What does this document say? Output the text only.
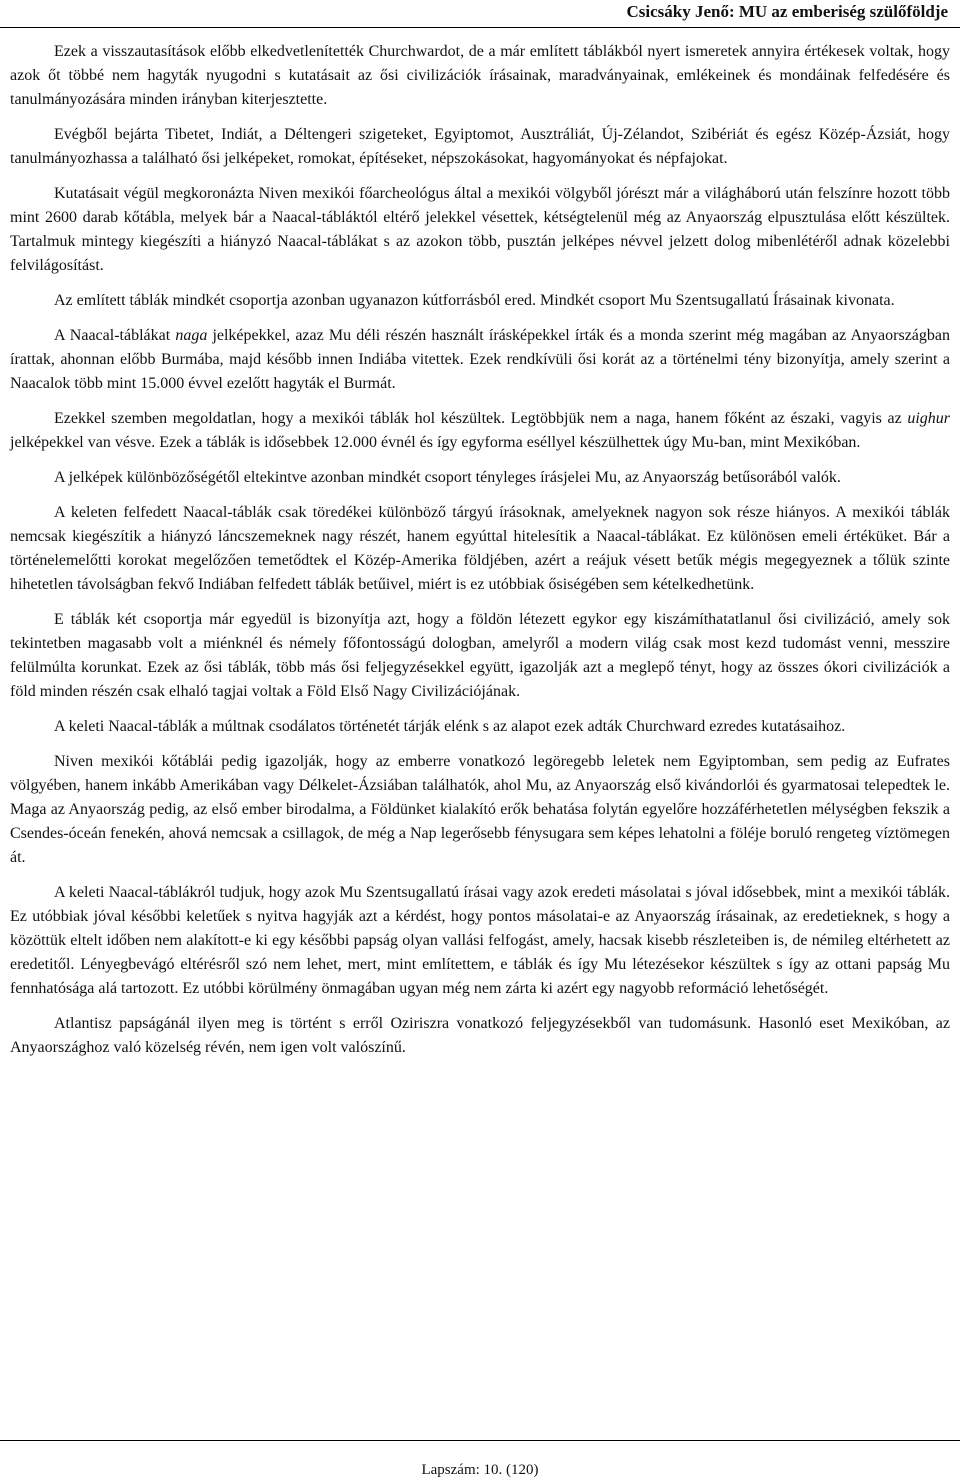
Csicsáky Jenő: MU az emberiség szülőföldje

Ezek a visszautasítások előbb elkedvetlenítették Churchwardot, de a már említett táblákból nyert ismeretek annyira értékesek voltak, hogy azok őt többé nem hagyták nyugodni s kutatásait az ősi civilizációk írásainak, maradványainak, emlékeinek és mondáinak felfedésére és tanulmányozására minden irányban kiterjesztette.

Evégből bejárta Tibetet, Indiát, a Déltengeri szigeteket, Egyiptomot, Ausztráliát, Új-Zélandot, Szibériát és egész Közép-Ázsiát, hogy tanulmányozhassa a található ősi jelképeket, romokat, építéseket, népszokásokat, hagyományokat és népfajokat.

Kutatásait végül megkoronázta Niven mexikói főarcheológus által a mexikói völgyből jórészt már a világháború után felszínre hozott több mint 2600 darab kőtábla, melyek bár a Naacal-tábláktól eltérő jelekkel vésettek, kétségtelenül még az Anyaország elpusztulása előtt készültek. Tartalmuk mintegy kiegészíti a hiányzó Naacal-táblákat s az azokon több, pusztán jelképes névvel jelzett dolog mibenlétéről adnak közelebbi felvilágosítást.

Az említett táblák mindkét csoportja azonban ugyanazon kútforrásból ered. Mindkét csoport Mu Szentsugallatú Írásainak kivonata.

A Naacal-táblákat naga jelképekkel, azaz Mu déli részén használt írásképekkel írták és a monda szerint még magában az Anyaországban írattak, ahonnan előbb Burmába, majd később innen Indiába vitettek. Ezek rendkívüli ősi korát az a történelmi tény bizonyítja, amely szerint a Naacalok több mint 15.000 évvel ezelőtt hagyták el Burmát.

Ezekkel szemben megoldatlan, hogy a mexikói táblák hol készültek. Legtöbbjük nem a naga, hanem főként az északi, vagyis az uighur jelképekkel van vésve. Ezek a táblák is idősebbek 12.000 évnél és így egyforma eséllyel készülhettek úgy Mu-ban, mint Mexikóban.

A jelképek különbözőségétől eltekintve azonban mindkét csoport tényleges írásjelei Mu, az Anyaország betűsorából valók.

A keleten felfedett Naacal-táblák csak töredékei különböző tárgyú írásoknak, amelyeknek nagyon sok része hiányos. A mexikói táblák nemcsak kiegészítik a hiányzó láncszemeknek nagy részét, hanem egyúttal hitelesítik a Naacal-táblákat. Ez különösen emeli értéküket. Bár a történelemelőtti korokat megelőzően temetődtek el Közép-Amerika földjében, azért a reájuk vésett betűk mégis megegyeznek a tőlük szinte hihetetlen távolságban fekvő Indiában felfedett táblák betűivel, miért is ez utóbbiak ősiségében sem kételkedhetünk.

E táblák két csoportja már egyedül is bizonyítja azt, hogy a földön létezett egykor egy kiszámíthatatlanul ősi civilizáció, amely sok tekintetben magasabb volt a miénknél és némely főfontosságú dologban, amelyről a modern világ csak most kezd tudomást venni, messzire felülmúlta korunkat. Ezek az ősi táblák, több más ősi feljegyzésekkel együtt, igazolják azt a meglepő tényt, hogy az összes ókori civilizációk a föld minden részén csak elhaló tagjai voltak a Föld Első Nagy Civilizációjának.

A keleti Naacal-táblák a múltnak csodálatos történetét tárják elénk s az alapot ezek adták Churchward ezredes kutatásaihoz.

Niven mexikói kőtáblái pedig igazolják, hogy az emberre vonatkozó legöregebb leletek nem Egyiptomban, sem pedig az Eufrates völgyében, hanem inkább Amerikában vagy Délkelet-Ázsiában találhatók, ahol Mu, az Anyaország első kivándorlói és gyarmatosai telepedtek le. Maga az Anyaország pedig, az első ember birodalma, a Földünket kialakító erők behatása folytán egyelőre hozzáférhetetlen mélységben fekszik a Csendes-óceán fenekén, ahová nemcsak a csillagok, de még a Nap legerősebb fénysugara sem képes lehatolni a föléje boruló rengeteg víztömegen át.

A keleti Naacal-táblákról tudjuk, hogy azok Mu Szentsugallatú írásai vagy azok eredeti másolatai s jóval idősebbek, mint a mexikói táblák. Ez utóbbiak jóval későbbi keletűek s nyitva hagyják azt a kérdést, hogy pontos másolatai-e az Anyaország írásainak, az eredetieknek, s hogy a közöttük eltelt időben nem alakított-e ki egy későbbi papság olyan vallási felfogást, amely, hacsak kisebb részleteiben is, de némileg eltérhetett az eredetitől. Lényegbevágó eltérésről szó nem lehet, mert, mint említettem, e táblák és így Mu létezésekor készültek s így az ottani papság Mu fennhatósága alá tartozott. Ez utóbbi körülmény önmagában ugyan még nem zárta ki azért egy nagyobb reformáció lehetőségét.

Atlantisz papságánál ilyen meg is történt s erről Oziriszra vonatkozó feljegyzésekből van tudomásunk. Hasonló eset Mexikóban, az Anyaországhoz való közelség révén, nem igen volt valószínű.

Lapszám: 10. (120)
